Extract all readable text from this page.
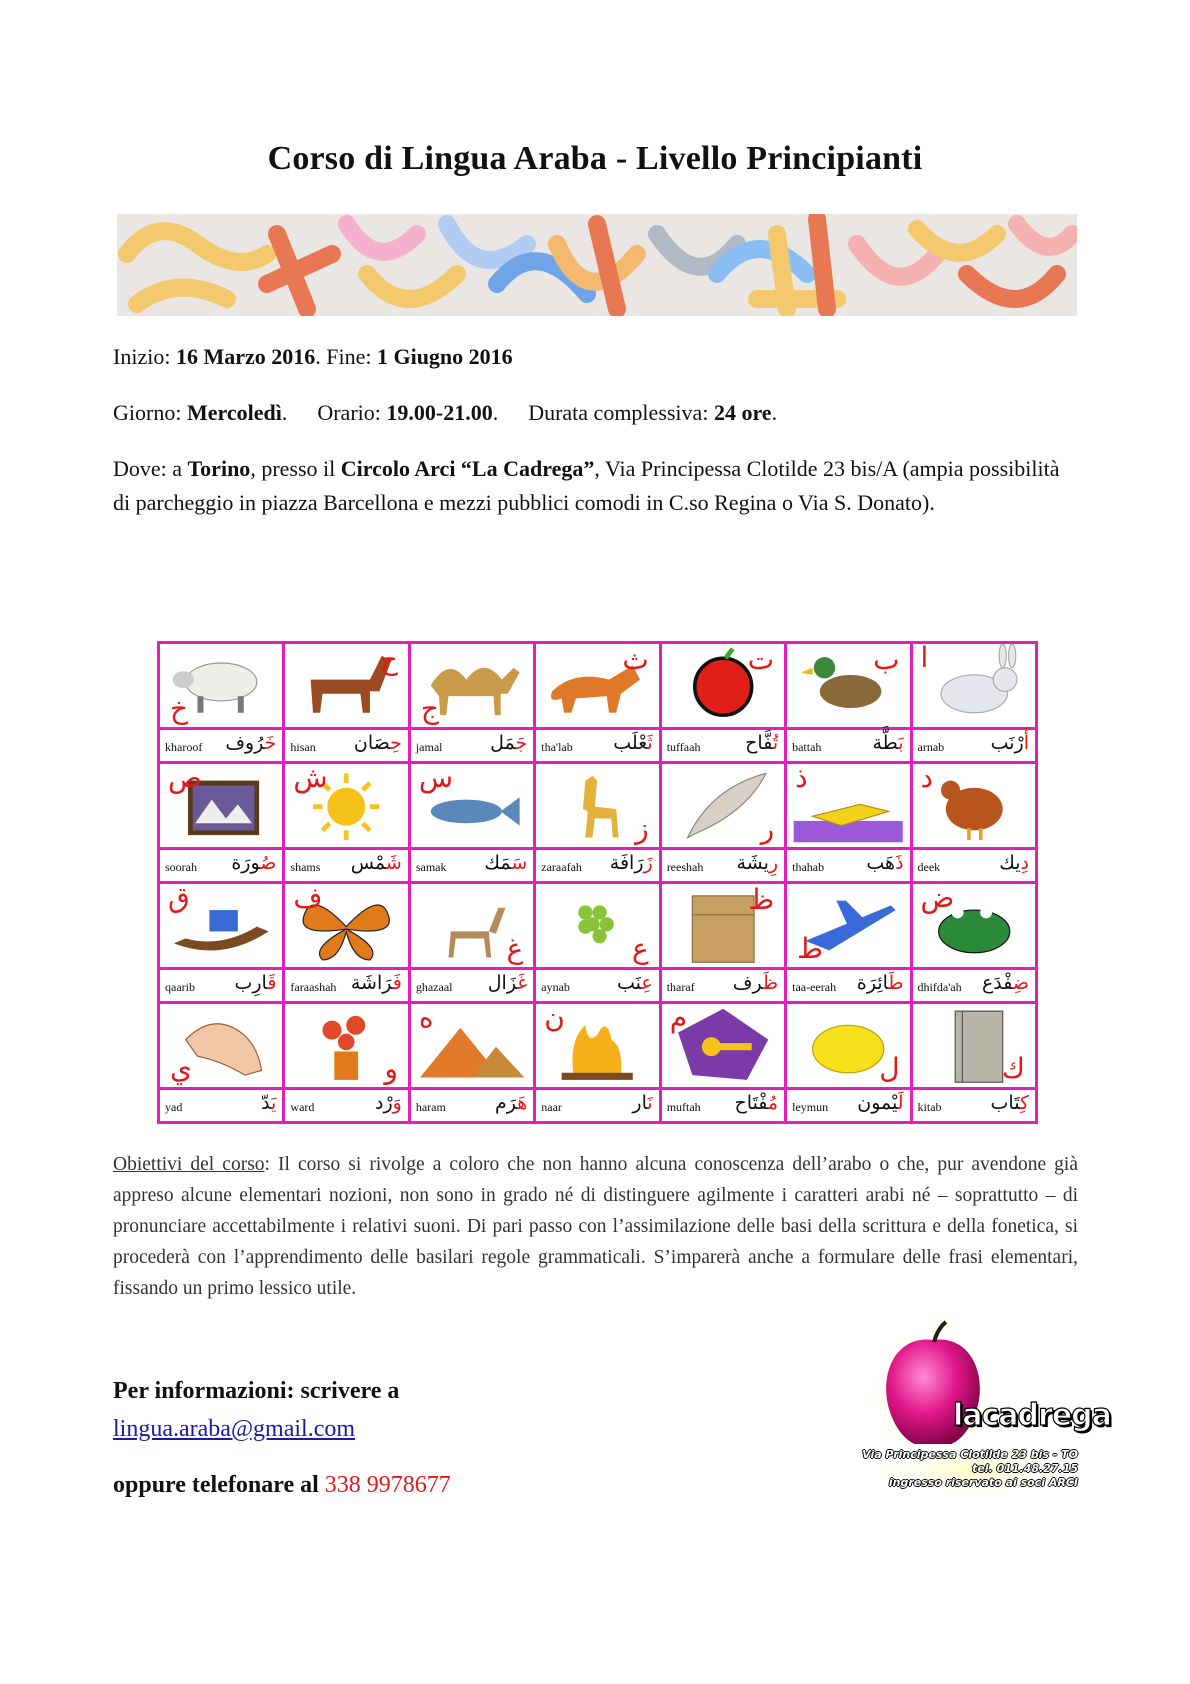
Corso di Lingua Araba - Livello Principianti

Inizio: 16 Marzo 2016. Fine: 1 Giugno 2016

Giorno: Mercoledì. Orario: 19.00-21.00. Durata complessiva: 24 ore.

Dove: a Torino, presso il Circolo Arci “La Cadrega”, Via Principessa Clotilde 23 bis/A (ampia possibilità di parcheggio in piazza Barcellona e mezzi pubblici comodi in C.so Regina o Via S. Donato).

خ	ح	ج	ث	ت	ب	ا

kharoof خَرُوف	hisan حِصَان	jamal جَمَل	tha'lab ثَعْلَب	tuffaah تُفَّاح	battah بَطَّة	arnab أَرْنَب

ص	ش	س	ز	ر	ذ	د

soorah صُورَة	shams شَمْس	samak سَمَك	zaraafah زَرَافَة	reeshah رِيشَة	thahab ذَهَب	deek دِيك

ق	ف	غ	ع	ظ	ط	ض

qaarib قَارِب	faraashah فَرَاشَة	ghazaal غَزَال	aynab عِنَب	tharaf ظَرف	taa-eerah طَائِرَة	dhifda'ah ضِفْدَع

ي	و	ه	ن	م	ل	ك

yad يَدّ	ward وَرْد	haram هَرَم	naar نَار	muftah مُفْتَاح	leymun لَيْمون	kitab كِتَاب

Obiettivi del corso: Il corso si rivolge a coloro che non hanno alcuna conoscenza dell’arabo o che, pur avendone già appreso alcune elementari nozioni, non sono in grado né di distinguere agilmente i caratteri arabi né – soprattutto – di pronunciare accettabilmente i relativi suoni. Di pari passo con l’assimilazione delle basi della scrittura e della fonetica, si procederà con l’apprendimento delle basilari regole grammaticali. S’imparerà anche a formulare delle frasi elementari, fissando un primo lessico utile.

Per informazioni: scrivere a

lingua.araba@gmail.com

oppure telefonare al 338 9978677

lacadrega
Via Principessa Clotilde 23 bis - TO
tel. 011.48.27.15
ingresso riservato ai soci ARCI
